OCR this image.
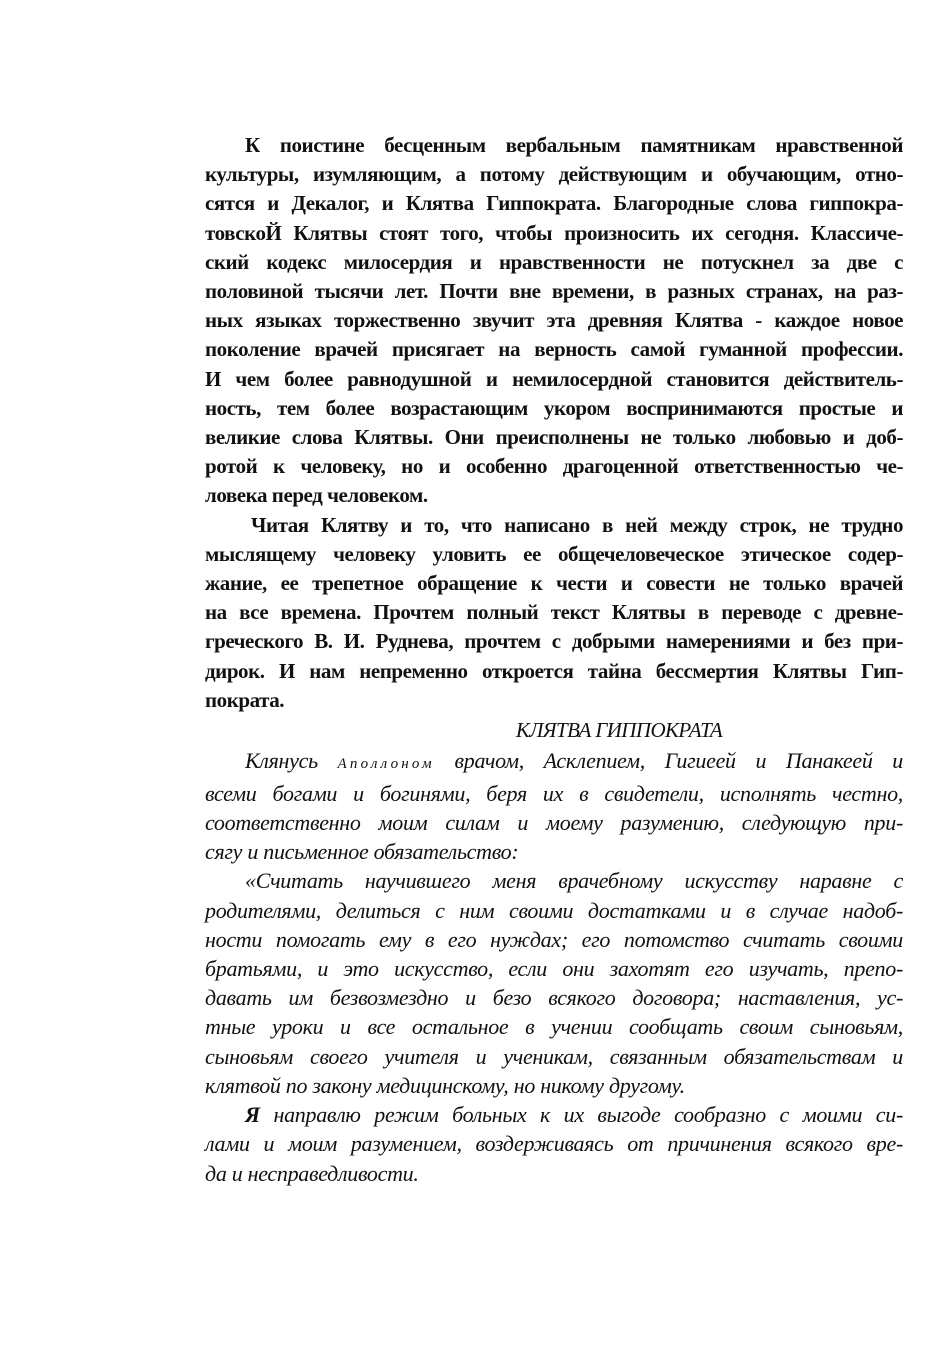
К поистине бесценным вербальным памятникам нравственной
культуры, изумляющим, а потому действующим и обучающим, отно-
сятся и Декалог, и Клятва Гиппократа. Благородные слова гиппокра-
товскоЙ Клятвы стоят того, чтобы произносить их сегодня. Классиче-
ский кодекс милосердия и нравственности не потускнел за две с
половиной тысячи лет. Почти вне времени, в разных странах, на раз-
ных языках торжественно звучит эта древняя Клятва - каждое новое
поколение врачей присягает на верность самой гуманной профессии.
И чем более равнодушной и немилосердной становится действитель-
ность, тем более возрастающим укором воспринимаются простые и
великие слова Клятвы. Они преисполнены не только любовью и доб-
ротой к человеку, но и особенно драгоценной ответственностью че-
ловека перед человеком.
Читая Клятву и то, что написано в ней между строк, не трудно
мыслящему человеку уловить ее общечеловеческое этическое содер-
жание, ее трепетное обращение к чести и совести не только врачей
на все времена. Прочтем полный текст Клятвы в переводе с древне-
греческого В. И. Руднева, прочтем с добрыми намерениями и без при-
дирок. И нам непременно откроется тайна бессмертия Клятвы Гип-
пократа.
КЛЯТВА ГИППОКРАТА
Клянусь Аполлоном врачом, Асклепием, Гигиеей и Панакеей и
всеми богами и богинями, беря их в свидетели, исполнять честно,
соответственно моим силам и моему разумению, следующую при-
сягу и письменное обязательство:
«Считать научившего меня врачебному искусству наравне с
родителями, делиться с ним своими достатками и в случае надоб-
ности помогать ему в его нуждах; его потомство считать своими
братьями, и это искусство, если они захотят его изучать, препо-
давать им безвозмездно и безо всякого договора; наставления, ус-
тные уроки и все остальное в учении сообщать своим сыновьям,
сыновьям своего учителя и ученикам, связанным обязательствам и
клятвой по закону медицинскому, но никому другому.
Я направлю режим больных к их выгоде сообразно с моими си-
лами и моим разумением, воздерживаясь от причинения всякого вре-
да и несправедливости.
